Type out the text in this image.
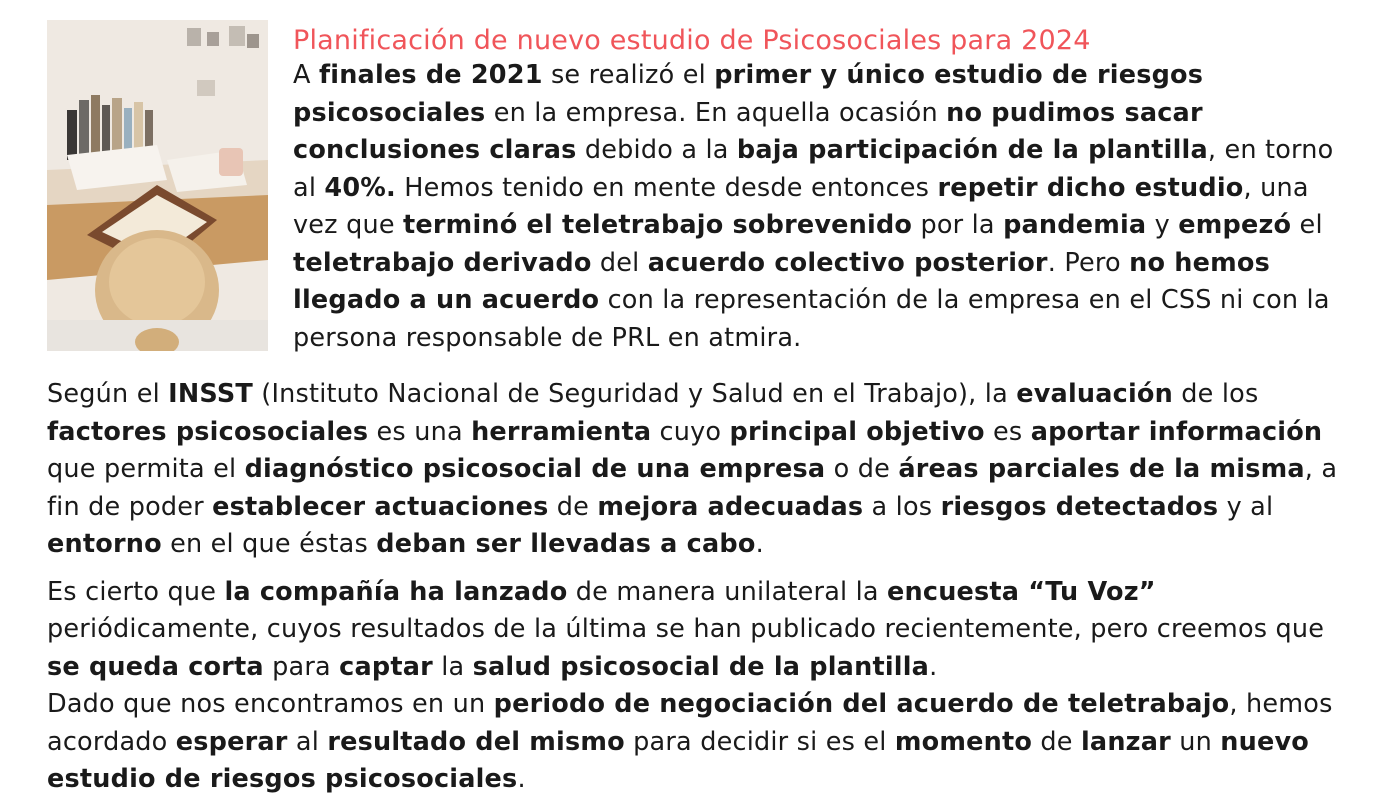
Planificación de nuevo estudio de Psicosociales para 2024

A finales de 2021 se realizó el primer y único estudio de riesgos psicosociales en la empresa. En aquella ocasión no pudimos sacar conclusiones claras debido a la baja participación de la plantilla, en torno al 40%. Hemos tenido en mente desde entonces repetir dicho estudio, una vez que terminó el teletrabajo sobrevenido por la pandemia y empezó el teletrabajo derivado del acuerdo colectivo posterior. Pero no hemos llegado a un acuerdo con la representación de la empresa en el CSS ni con la persona responsable de PRL en atmira.

Según el INSST (Instituto Nacional de Seguridad y Salud en el Trabajo), la evaluación de los factores psicosociales es una herramienta cuyo principal objetivo es aportar información que permita el diagnóstico psicosocial de una empresa o de áreas parciales de la misma, a fin de poder establecer actuaciones de mejora adecuadas a los riesgos detectados y al entorno en el que éstas deban ser llevadas a cabo.

Es cierto que la compañía ha lanzado de manera unilateral la encuesta “Tu Voz” periódicamente, cuyos resultados de la última se han publicado recientemente, pero creemos que se queda corta para captar la salud psicosocial de la plantilla.

Dado que nos encontramos en un periodo de negociación del acuerdo de teletrabajo, hemos acordado esperar al resultado del mismo para decidir si es el momento de lanzar un nuevo estudio de riesgos psicosociales.
